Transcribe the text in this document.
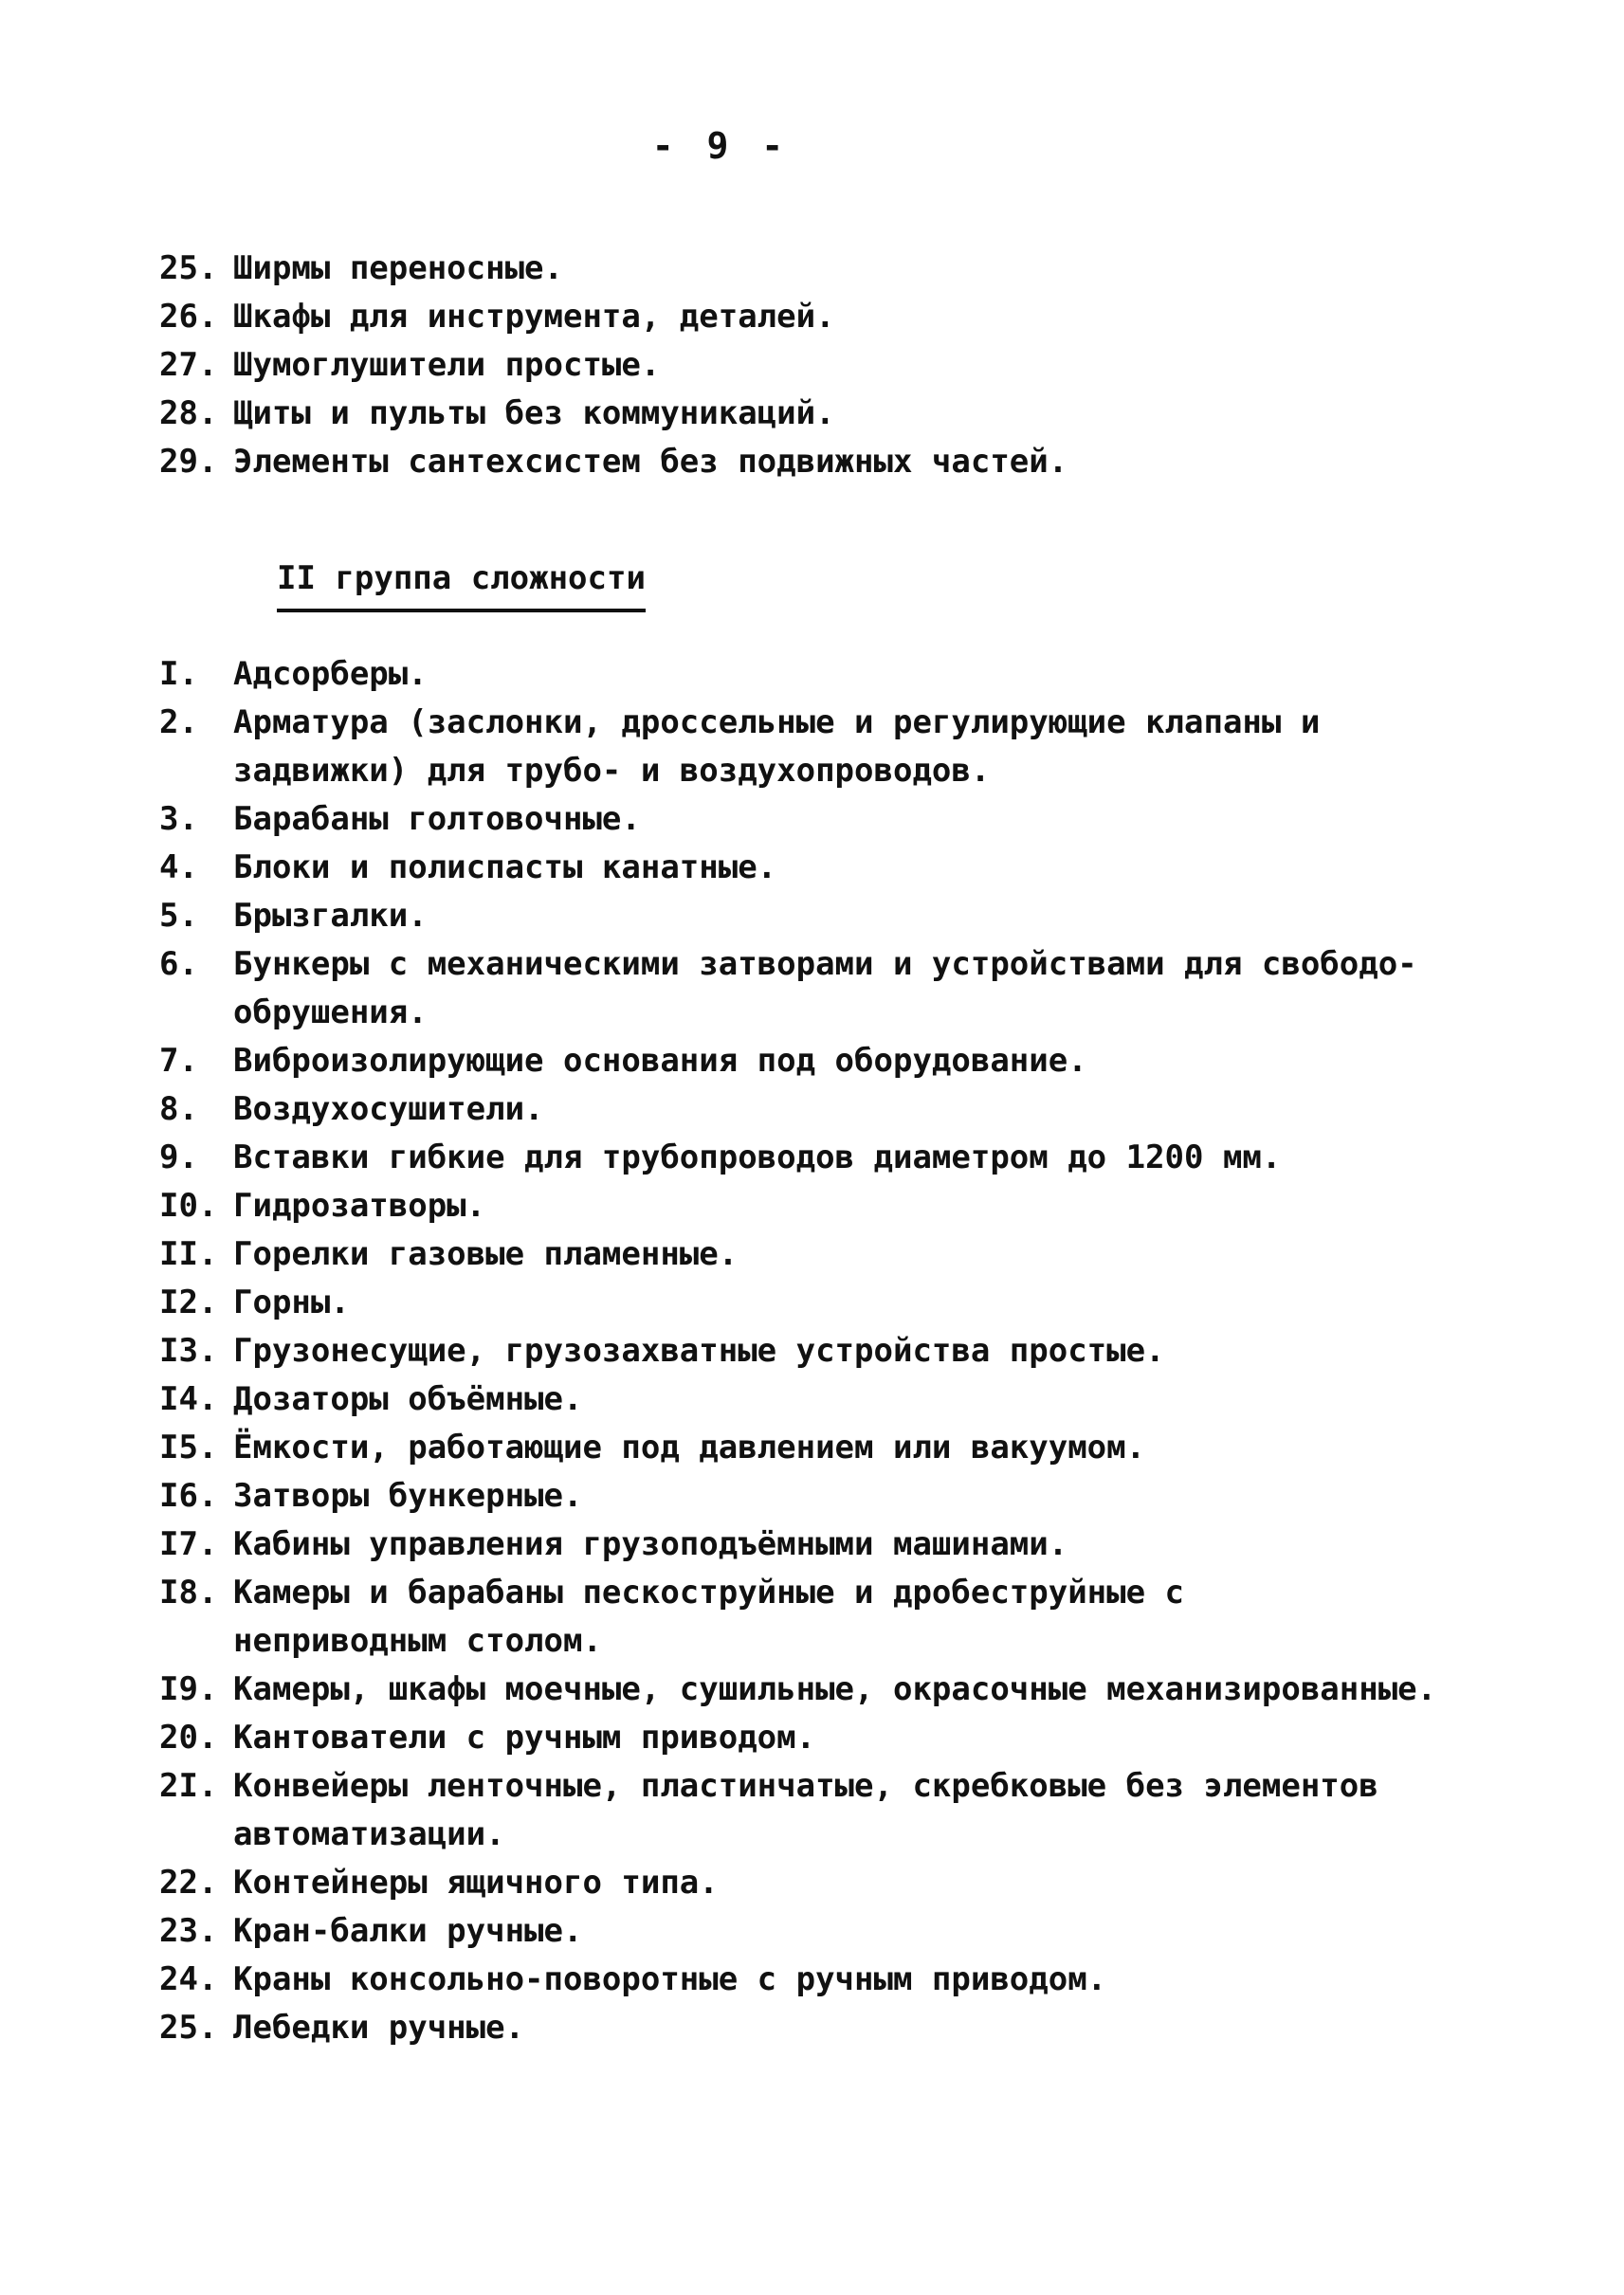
- 9 -
25. Ширмы переносные.
26. Шкафы для инструмента, деталей.
27. Шумоглушители простые.
28. Щиты и пульты без коммуникаций.
29. Элементы сантехсистем без подвижных частей.
II группа сложности
I.	Адсорберы.
2.	Арматура (заслонки, дроссельные и регулирующие клапаны и
задвижки) для трубо- и воздухопроводов.
3.	Барабаны голтовочные.
4.	Блоки и полиспасты канатные.
5.	Брызгалки.
6.	Бункеры с механическими затворами и устройствами для свободо-
обрушения.
7.	Виброизолирующие основания под оборудование.
8.	Воздухосушители.
9.	Вставки гибкие для трубопроводов диаметром до 1200 мм.
I0. Гидрозатворы.
II. Горелки газовые пламенные.
I2. Горны.
I3. Грузонесущие, грузозахватные устройства простые.
I4. Дозаторы объёмные.
I5. Ёмкости, работающие под давлением или вакуумом.
I6. Затворы бункерные.
I7. Кабины управления грузоподъёмными машинами.
I8. Камеры и барабаны пескоструйные и дробеструйные с
неприводным столом.
I9. Камеры, шкафы моечные, сушильные, окрасочные механизированные.
20. Кантователи с ручным приводом.
2I. Конвейеры ленточные, пластинчатые, скребковые без элементов
автоматизации.
22. Контейнеры ящичного типа.
23. Кран-балки ручные.
24. Краны консольно-поворотные с ручным приводом.
25. Лебедки ручные.
